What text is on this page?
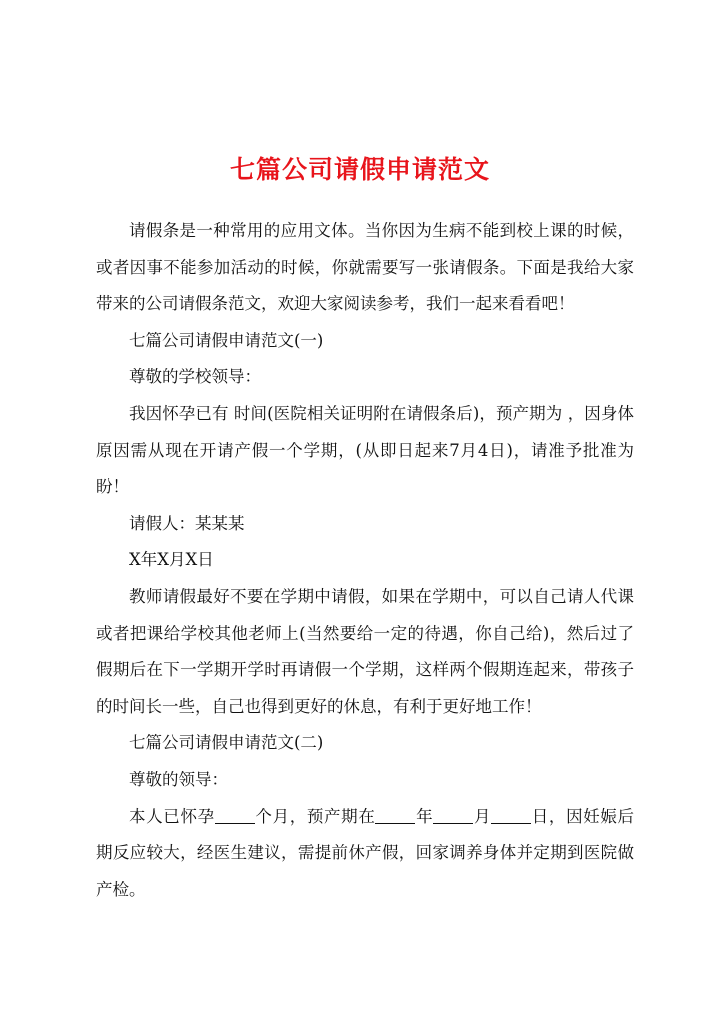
七篇公司请假申请范文

请假条是一种常用的应用文体。当你因为生病不能到校上课的时候，或者因事不能参加活动的时候，你就需要写一张请假条。下面是我给大家带来的公司请假条范文，欢迎大家阅读参考，我们一起来看看吧！

七篇公司请假申请范文(一)

尊敬的学校领导：

我因怀孕已有 时间(医院相关证明附在请假条后)，预产期为 ，因身体原因需从现在开请产假一个学期，(从即日起来7月4日)，请准予批准为盼！

请假人：某某某

X年X月X日

教师请假最好不要在学期中请假，如果在学期中，可以自己请人代课或者把课给学校其他老师上(当然要给一定的待遇，你自己给)，然后过了假期后在下一学期开学时再请假一个学期，这样两个假期连起来，带孩子的时间长一些，自己也得到更好的休息，有利于更好地工作！

七篇公司请假申请范文(二)

尊敬的领导：

本人已怀孕 个月，预产期在 年 月 日，因妊娠后期反应较大，经医生建议，需提前休产假，回家调养身体并定期到医院做产检。
